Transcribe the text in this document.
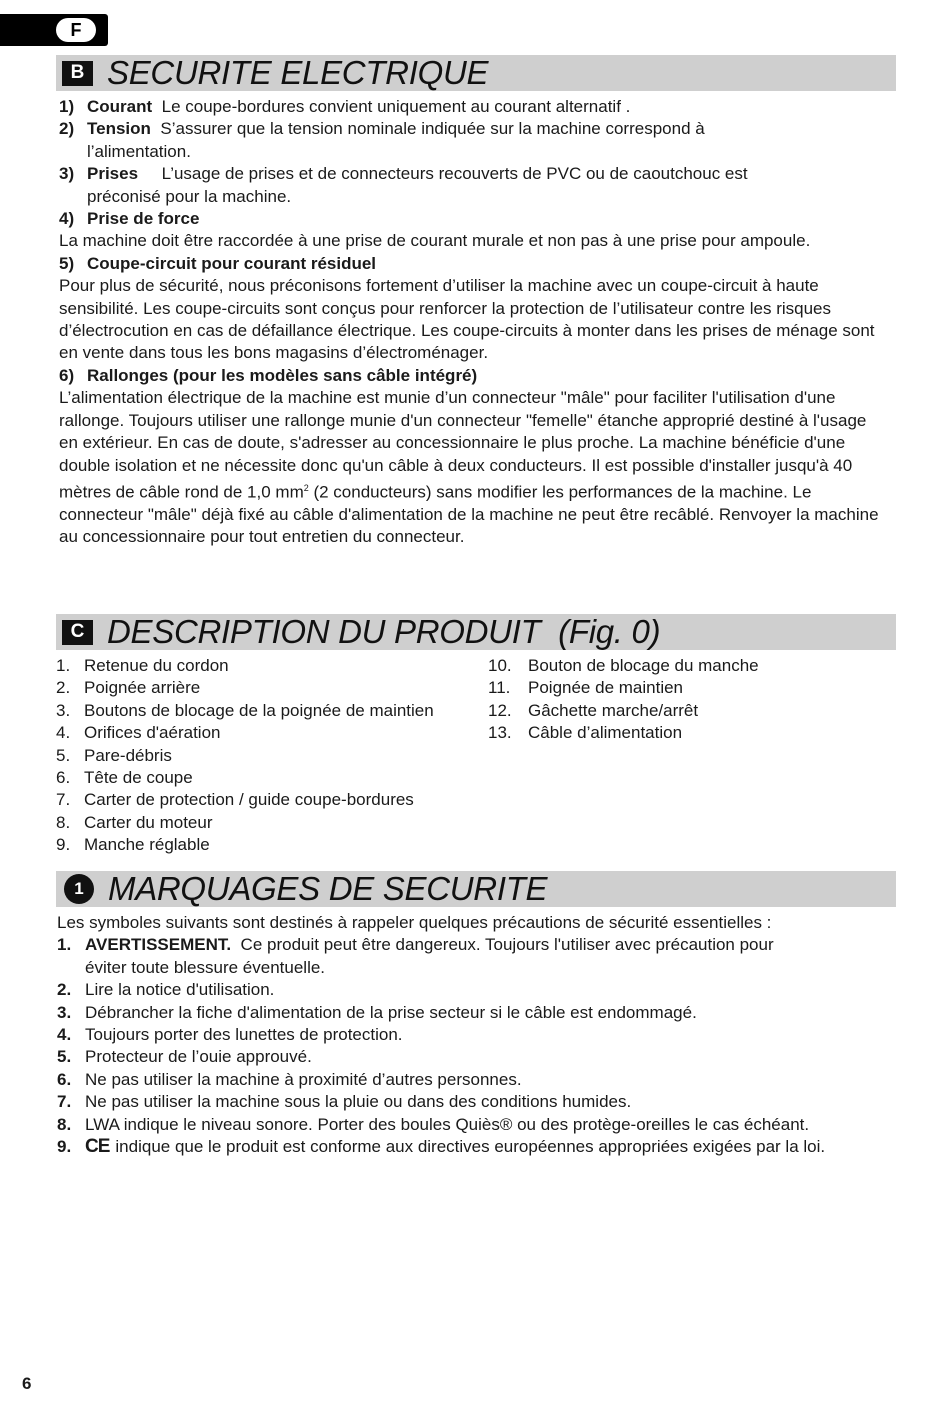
F
B SECURITE ELECTRIQUE
1) Courant Le coupe-bordures convient uniquement au courant alternatif .
2) Tension S’assurer que la tension nominale indiquée sur la machine correspond à
l’alimentation.
3) Prises L’usage de prises et de connecteurs recouverts de PVC ou de caoutchouc est
préconisé pour la machine.
4) Prise de force
La machine doit être raccordée à une prise de courant murale et non pas à une prise pour ampoule.
5) Coupe-circuit pour courant résiduel
Pour plus de sécurité, nous préconisons fortement d’utiliser la machine avec un coupe-circuit à haute sensibilité. Les coupe-circuits sont conçus pour renforcer la protection de l’utilisateur contre les risques d’électrocution en cas de défaillance électrique. Les coupe-circuits à monter dans les prises de ménage sont en vente dans tous les bons magasins d’électroménager.
6) Rallonges (pour les modèles sans câble intégré)
L’alimentation électrique de la machine est munie d’un connecteur "mâle" pour faciliter l'utilisation d'une rallonge. Toujours utiliser une rallonge munie d'un connecteur "femelle" étanche approprié destiné à l'usage en extérieur. En cas de doute, s'adresser au concessionnaire le plus proche. La machine bénéficie d'une double isolation et ne nécessite donc qu'un câble à deux conducteurs. Il est possible d'installer jusqu'à 40 mètres de câble rond de 1,0 $mm^2$ (2 conducteurs) sans modifier les performances de la machine. Le connecteur "mâle" déjà fixé au câble d'alimentation de la machine ne peut être recâblé. Renvoyer la machine au concessionnaire pour tout entretien du connecteur.
C DESCRIPTION DU PRODUIT  (Fig. 0)
1. Retenue du cordon
2. Poignée arrière
3. Boutons de blocage de la poignée de maintien
4. Orifices d'aération
5. Pare-débris
6. Tête de coupe
7. Carter de protection / guide coupe-bordures
8. Carter du moteur
9. Manche réglable
10. Bouton de blocage du manche
11.	Poignée de maintien
12. Gâchette marche/arrêt
13. Câble d’alimentation
1 MARQUAGES DE SECURITE
Les symboles suivants sont destinés à rappeler quelques précautions de sécurité essentielles :
1. AVERTISSEMENT. Ce produit peut être dangereux. Toujours l'utiliser avec précaution pour
éviter toute blessure éventuelle.
2. Lire la notice d'utilisation.
3. Débrancher la fiche d'alimentation de la prise secteur si le câble est endommagé.
4. Toujours porter des lunettes de protection.
5. Protecteur de l’ouie approuvé.
6. Ne pas utiliser la machine à proximité d’autres personnes.
7. Ne pas utiliser la machine sous la pluie ou dans des conditions humides.
8. LWA indique le niveau sonore. Porter des boules Quiès® ou des protège-oreilles le cas échéant.
9. CE indique que le produit est conforme aux directives européennes appropriées exigées par la loi.
6
